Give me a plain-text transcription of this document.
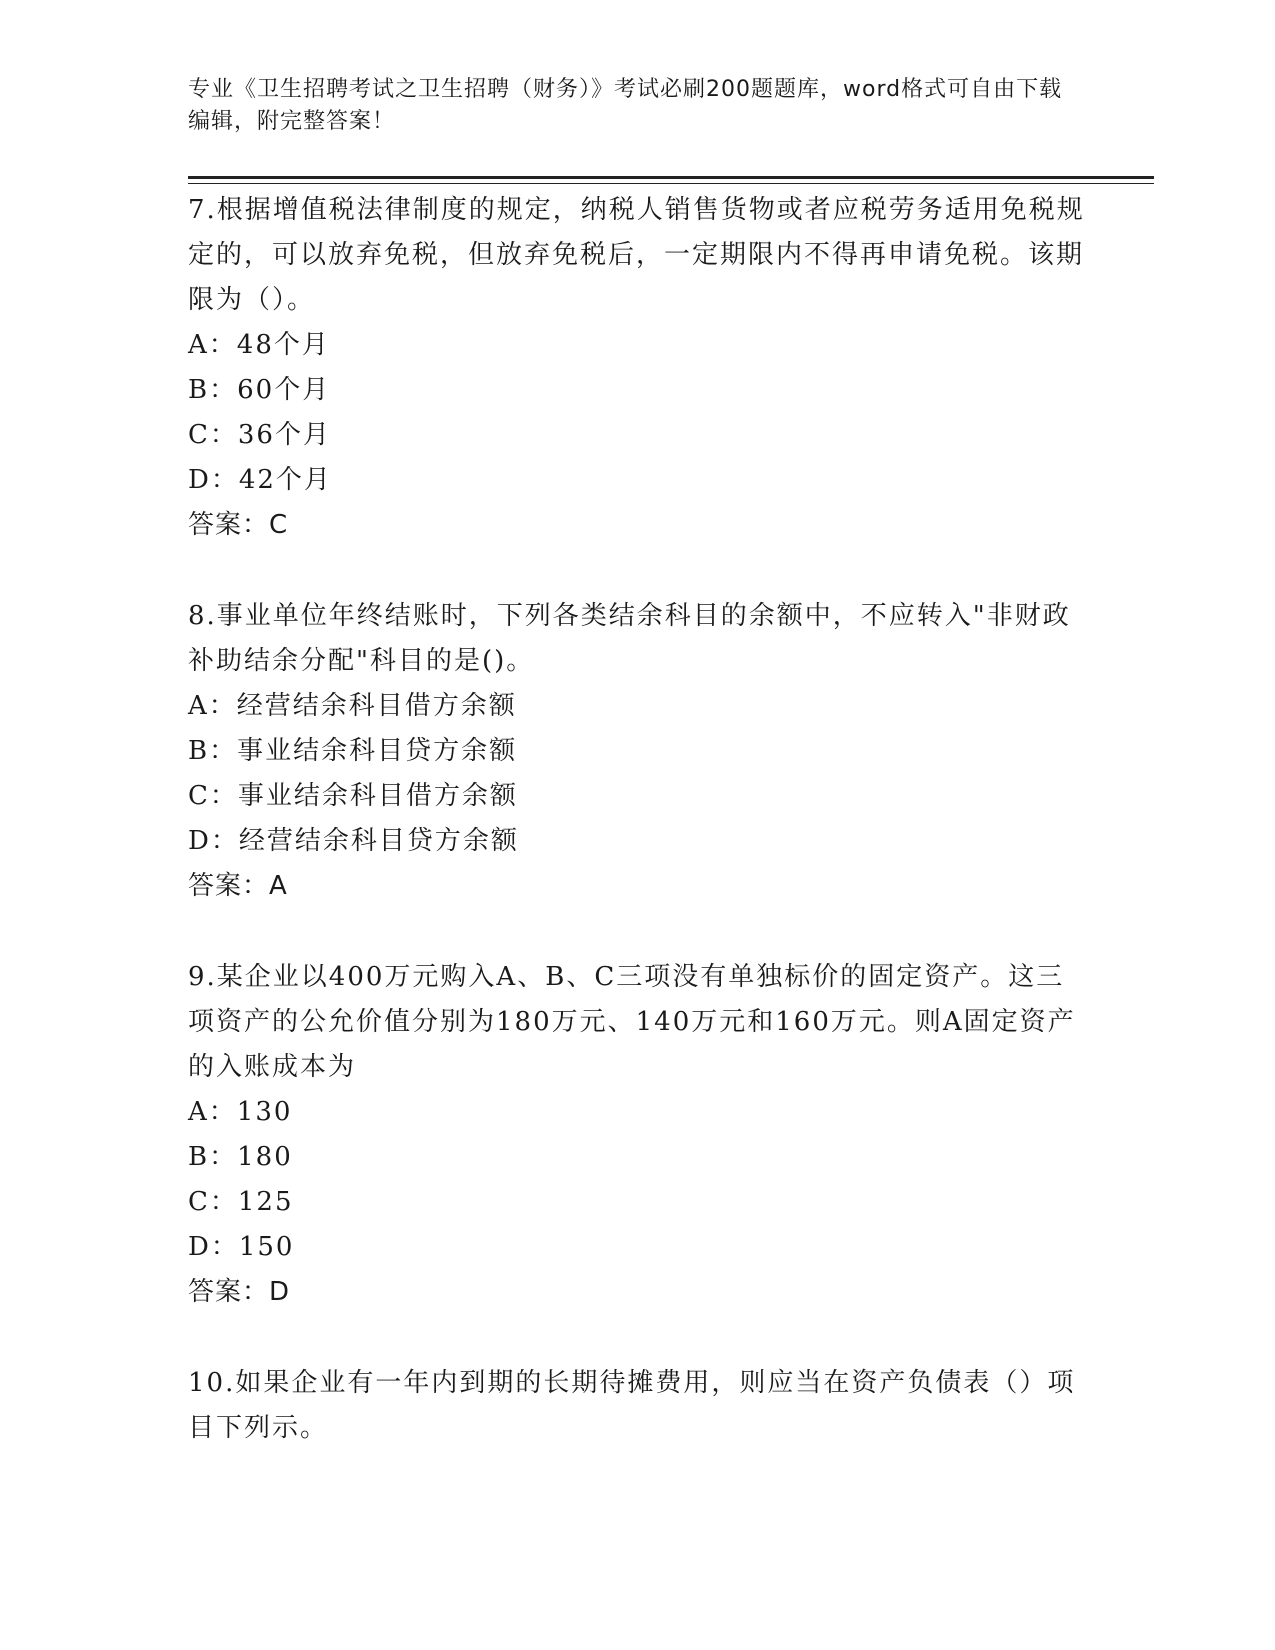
专业《卫生招聘考试之卫生招聘（财务）》考试必刷200题题库，word格式可自由下载编辑，附完整答案！

7.根据增值税法律制度的规定，纳税人销售货物或者应税劳务适用免税规定的，可以放弃免税，但放弃免税后，一定期限内不得再申请免税。该期限为（）。

A：48个月

B：60个月

C：36个月

D：42个月

答案：C

8.事业单位年终结账时，下列各类结余科目的余额中，不应转入"非财政补助结余分配"科目的是()。

A：经营结余科目借方余额

B：事业结余科目贷方余额

C：事业结余科目借方余额

D：经营结余科目贷方余额

答案：A

9.某企业以400万元购入A、B、C三项没有单独标价的固定资产。这三项资产的公允价值分别为180万元、140万元和160万元。则A固定资产的入账成本为

A：130

B：180

C：125

D：150

答案：D

10.如果企业有一年内到期的长期待摊费用，则应当在资产负债表（）项目下列示。
